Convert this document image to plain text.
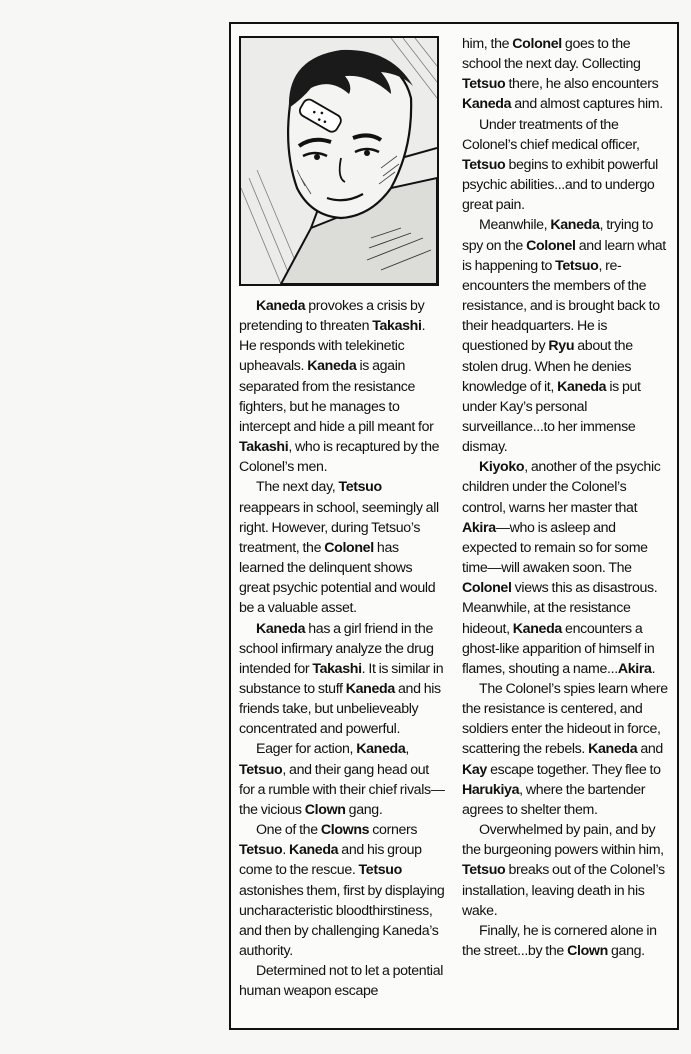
Kaneda provokes a crisis by pretending to threaten Takashi. He responds with telekinetic upheavals. Kaneda is again separated from the resistance fighters, but he manages to intercept and hide a pill meant for Takashi, who is recaptured by the Colonel’s men.

The next day, Tetsuo reappears in school, seemingly all right. However, during Tetsuo’s treatment, the Colonel has learned the delinquent shows great psychic potential and would be a valuable asset.

Kaneda has a girl friend in the school infirmary analyze the drug intended for Takashi. It is similar in substance to stuff Kaneda and his friends take, but unbelieveably concentrated and powerful.

Eager for action, Kaneda, Tetsuo, and their gang head out for a rumble with their chief rivals—the vicious Clown gang.

One of the Clowns corners Tetsuo. Kaneda and his group come to the rescue. Tetsuo astonishes them, first by displaying uncharacteristic bloodthirstiness, and then by challenging Kaneda’s authority.

Determined not to let a potential human weapon escape

him, the Colonel goes to the school the next day. Collecting Tetsuo there, he also encounters Kaneda and almost captures him.

Under treatments of the Colonel’s chief medical officer, Tetsuo begins to exhibit powerful psychic abilities...and to undergo great pain.

Meanwhile, Kaneda, trying to spy on the Colonel and learn what is happening to Tetsuo, re-encounters the members of the resistance, and is brought back to their headquarters. He is questioned by Ryu about the stolen drug. When he denies knowledge of it, Kaneda is put under Kay’s personal surveillance...to her immense dismay.

Kiyoko, another of the psychic children under the Colonel’s control, warns her master that Akira—who is asleep and expected to remain so for some time—will awaken soon. The Colonel views this as disastrous. Meanwhile, at the resistance hideout, Kaneda encounters a ghost-like apparition of himself in flames, shouting a name...Akira.

The Colonel’s spies learn where the resistance is centered, and soldiers enter the hideout in force, scattering the rebels. Kaneda and Kay escape together. They flee to Harukiya, where the bartender agrees to shelter them.

Overwhelmed by pain, and by the burgeoning powers within him, Tetsuo breaks out of the Colonel’s installation, leaving death in his wake.

Finally, he is cornered alone in the street...by the Clown gang.
